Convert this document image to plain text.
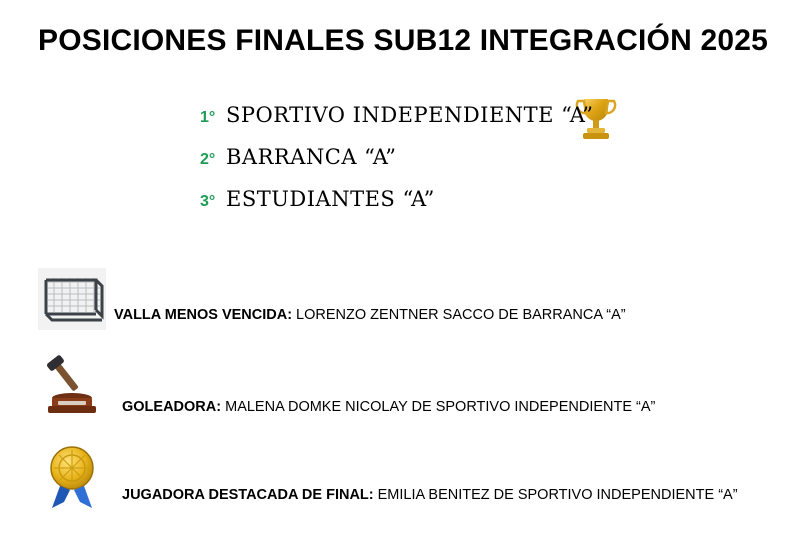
POSICIONES FINALES SUB12 INTEGRACIÓN 2025
1° SPORTIVO INDEPENDIENTE “A”
2° BARRANCA “A”
3° ESTUDIANTES “A”
VALLA MENOS VENCIDA: LORENZO ZENTNER SACCO DE BARRANCA “A”
GOLEADORA: MALENA DOMKE NICOLAY DE SPORTIVO INDEPENDIENTE “A”
JUGADORA DESTACADA DE FINAL: EMILIA BENITEZ DE SPORTIVO INDEPENDIENTE “A”
